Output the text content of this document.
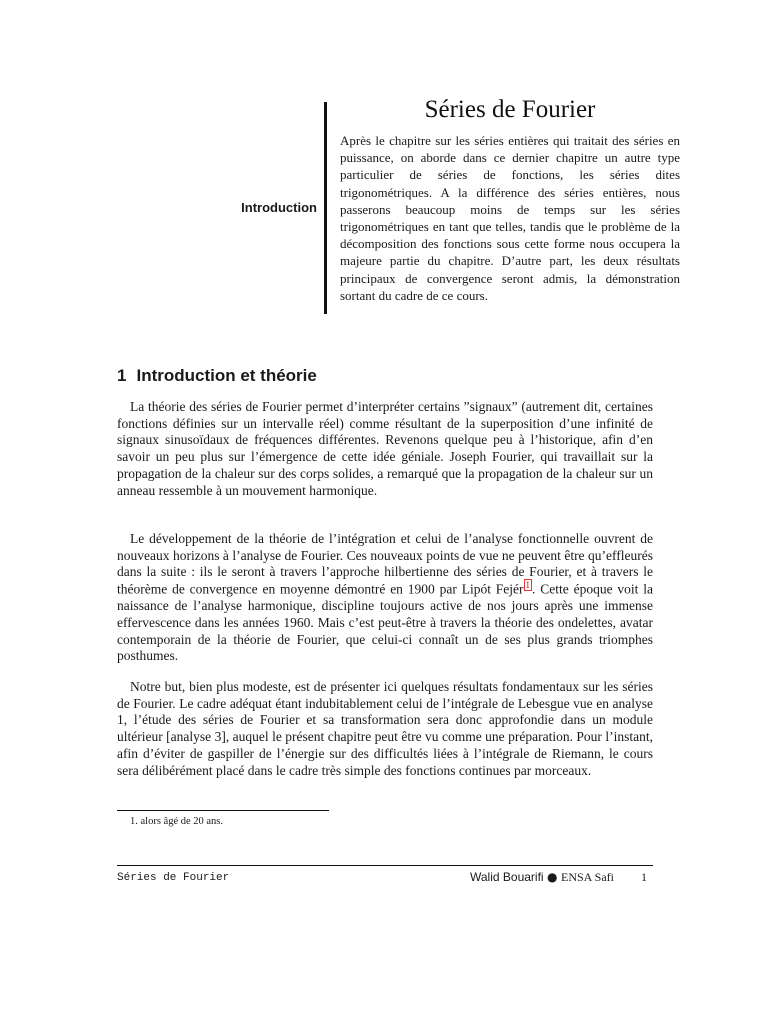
Séries de Fourier
Introduction

Après le chapitre sur les séries entières qui traitait des séries en puissance, on aborde dans ce dernier chapitre un autre type particulier de séries de fonctions, les séries dites trigonométriques. A la différence des séries entières, nous passerons beaucoup moins de temps sur les séries trigonométriques en tant que telles, tandis que le problème de la décomposition des fonctions sous cette forme nous occupera la majeure partie du chapitre. D’autre part, les deux résultats principaux de convergence seront admis, la démonstration sortant du cadre de ce cours.

1 Introduction et théorie

La théorie des séries de Fourier permet d’interpréter certains ”signaux” (autrement dit, certaines fonctions définies sur un intervalle réel) comme résultant de la superposition d’une infinité de signaux sinusoïdaux de fréquences différentes. Revenons quelque peu à l’historique, afin d’en savoir un peu plus sur l’émergence de cette idée géniale. Joseph Fourier, qui travaillait sur la propagation de la chaleur sur des corps solides, a remarqué que la propagation de la chaleur sur un anneau ressemble à un mouvement harmonique.

Le développement de la théorie de l’intégration et celui de l’analyse fonctionnelle ouvrent de nouveaux horizons à l’analyse de Fourier. Ces nouveaux points de vue ne peuvent être qu’effleurés dans la suite : ils le seront à travers l’approche hilbertienne des séries de Fourier, et à travers le théorème de convergence en moyenne démontré en 1900 par Lipót Fejér $^1$ . Cette époque voit la naissance de l’analyse harmonique, discipline toujours active de nos jours après une immense effervescence dans les années 1960. Mais c’est peut-être à travers la théorie des ondelettes, avatar contemporain de la théorie de Fourier, que celui-ci connaît un de ses plus grands triomphes posthumes.

Notre but, bien plus modeste, est de présenter ici quelques résultats fondamentaux sur les séries de Fourier. Le cadre adéquat étant indubitablement celui de l’intégrale de Lebesgue vue en analyse 1, l’étude des séries de Fourier et sa transformation sera donc approfondie dans un module ultérieur [analyse 3], auquel le présent chapitre peut être vu comme une préparation. Pour l’instant, afin d’éviter de gaspiller de l’énergie sur des difficultés liées à l’intégrale de Riemann, le cours sera délibérément placé dans le cadre très simple des fonctions continues par morceaux.

1. alors âgé de 20 ans.
Séries de Fourier	Walid Bouarifi ● ENSA Safi 1
